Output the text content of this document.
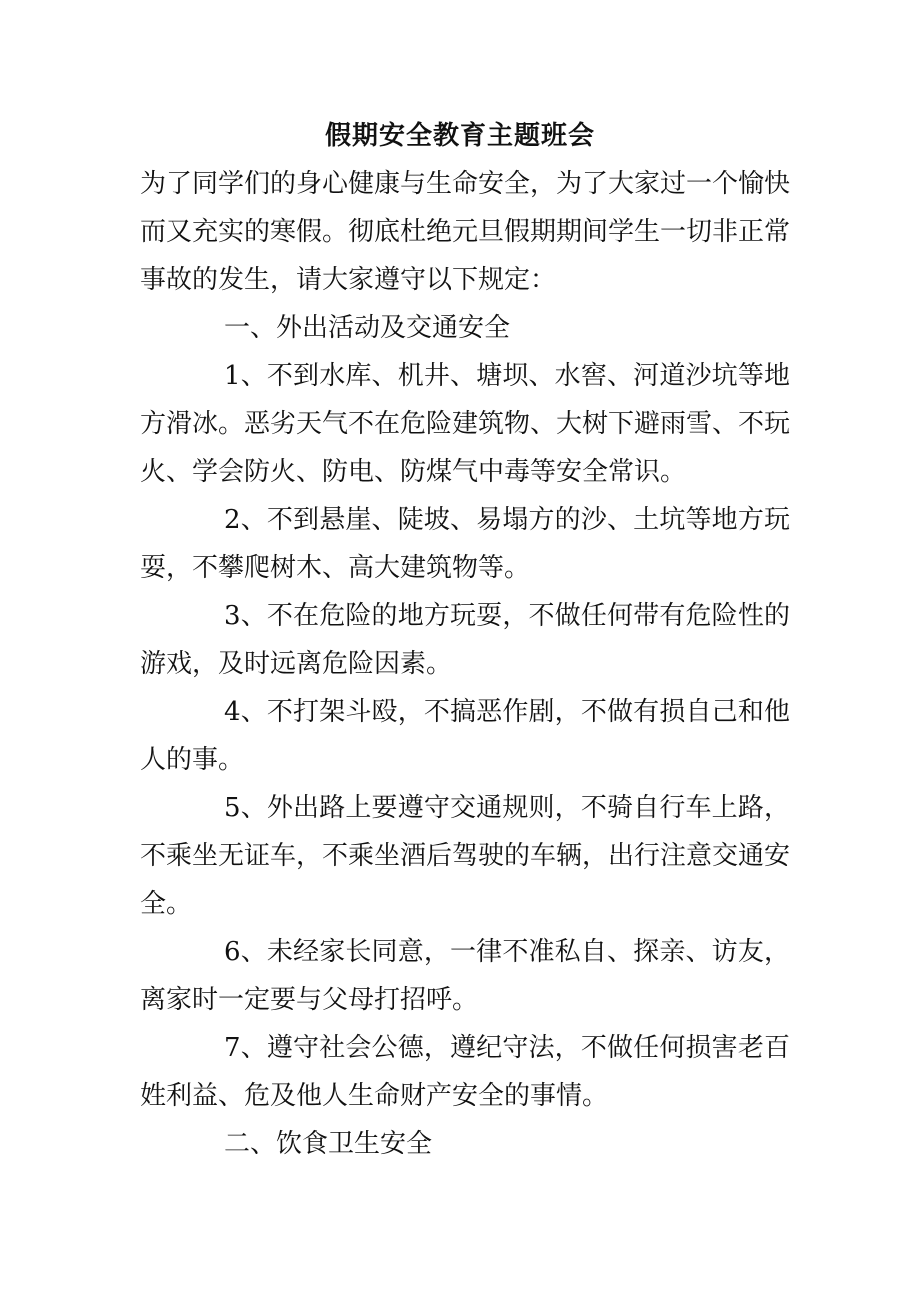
假期安全教育主题班会

为了同学们的身心健康与生命安全，为了大家过一个愉快而又充实的寒假。彻底杜绝元旦假期期间学生一切非正常事故的发生，请大家遵守以下规定：

一、外出活动及交通安全

1、不到水库、机井、塘坝、水窖、河道沙坑等地方滑冰。恶劣天气不在危险建筑物、大树下避雨雪、不玩火、学会防火、防电、防煤气中毒等安全常识。

2、不到悬崖、陡坡、易塌方的沙、土坑等地方玩耍，不攀爬树木、高大建筑物等。

3、不在危险的地方玩耍，不做任何带有危险性的游戏，及时远离危险因素。

4、不打架斗殴，不搞恶作剧，不做有损自己和他人的事。

5、外出路上要遵守交通规则，不骑自行车上路，不乘坐无证车，不乘坐酒后驾驶的车辆，出行注意交通安全。

6、未经家长同意，一律不准私自、探亲、访友，离家时一定要与父母打招呼。

7、遵守社会公德，遵纪守法，不做任何损害老百姓利益、危及他人生命财产安全的事情。

二、饮食卫生安全
